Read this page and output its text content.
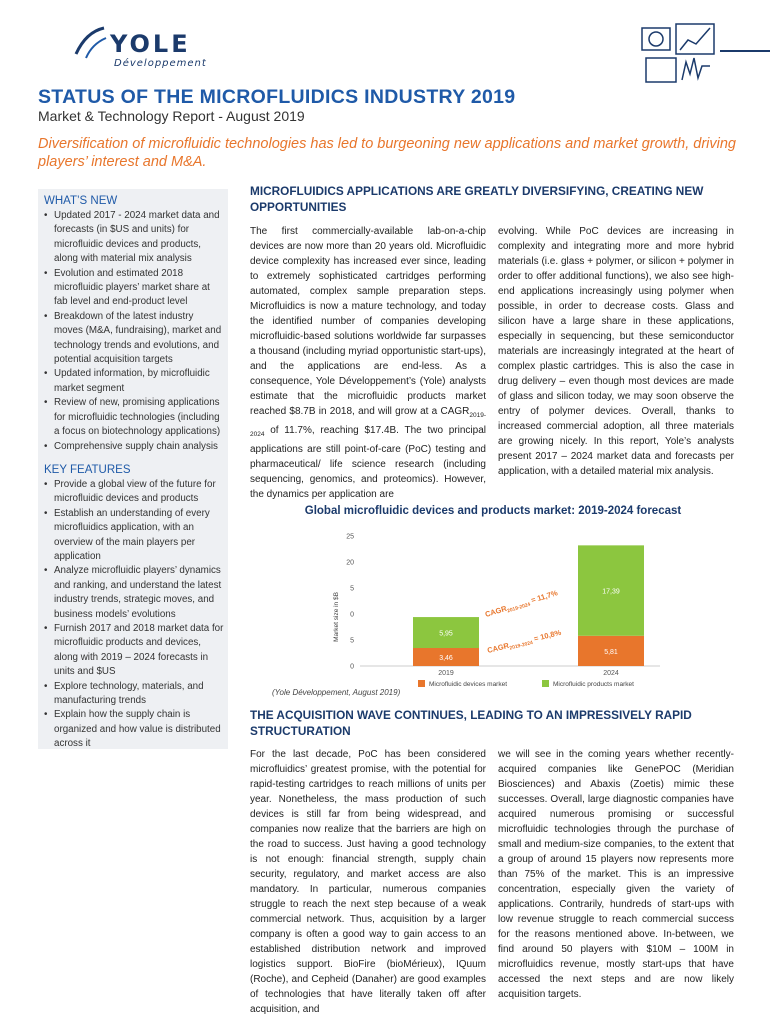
YOLE
Développement
STATUS OF THE MICROFLUIDICS INDUSTRY 2019
Market & Technology Report - August 2019
Diversification of microfluidic technologies has led to burgeoning new applications and market growth, driving players’ interest and M&A.
WHAT’S NEW
• Updated 2017 - 2024 market data and forecasts (in $US and units) for microfluidic devices and products, along with material mix analysis
• Evolution and estimated 2018 microfluidic players’ market share at fab level and end-product level
• Breakdown of the latest industry moves (M&A, fundraising), market and technology trends and evolutions, and potential acquisition targets
• Updated information, by microfluidic market segment
• Review of new, promising applications for microfluidic technologies (including a focus on biotechnology applications)
• Comprehensive supply chain analysis
KEY FEATURES
• Provide a global view of the future for microfluidic devices and products
• Establish an understanding of every microfluidics application, with an overview of the main players per application
• Analyze microfluidic players’ dynamics and ranking, and understand the latest industry trends, strategic moves, and business models’ evolutions
• Furnish 2017 and 2018 market data for microfluidic products and devices, along with 2019 – 2024 forecasts in units and $US
• Explore technology, materials, and manufacturing trends
• Explain how the supply chain is organized and how value is distributed across it
MICROFLUIDICS APPLICATIONS ARE GREATLY DIVERSIFYING, CREATING NEW OPPORTUNITIES
The first commercially-available lab-on-a-chip devices are now more than 20 years old. Microfluidic device complexity has increased ever since, leading to extremely sophisticated cartridges performing automated, complex sample preparation steps. Microfluidics is now a mature technology, and today the identified number of companies developing microfluidic-based solutions worldwide far surpasses a thousand (including myriad opportunistic start-ups), and the applications are end-less. As a consequence, Yole Développement’s (Yole) analysts estimate that the microfluidic products market reached $8.7B in 2018, and will grow at a $CAGR_{2019-2024}$ of 11.7%, reaching $17.4B. The two principal applications are still point-of-care (PoC) testing and pharmaceutical/ life science research (including sequencing, genomics, and proteomics). However, the dynamics per application are
evolving. While PoC devices are increasing in complexity and integrating more and more hybrid materials (i.e. glass + polymer, or silicon + polymer in order to offer additional functions), we also see high-end applications increasingly using polymer when possible, in order to decrease costs. Glass and silicon have a large share in these applications, especially in sequencing, but these semiconductor materials are increasingly integrated at the heart of complex plastic cartridges. This is also the case in drug delivery – even though most devices are made of glass and silicon today, we may soon observe the entry of polymer devices. Overall, thanks to increased commercial adoption, all three materials are growing nicely. In this report, Yole’s analysts present 2017 – 2024 market data and forecasts per application, with a detailed material mix analysis.
Global microfluidic devices and products market: 2019-2024 forecast
Market size in $B
25
20
5
0
5
0
3,46
5,95
2019
5,81
17,39
2024
$CAGR_{2019-2024} = 11,7\%$
$CAGR_{2019-2024} = 10,8\%$
Microfluidic devices market	Microfluidic products market
(Yole Développement, August 2019)
THE ACQUISITION WAVE CONTINUES, LEADING TO AN IMPRESSIVELY RAPID STRUCTURATION
For the last decade, PoC has been considered microfluidics’ greatest promise, with the potential for rapid-testing cartridges to reach millions of units per year. Nonetheless, the mass production of such devices is still far from being widespread, and companies now realize that the barriers are high on the road to success. Just having a good technology is not enough: financial strength, supply chain security, regulatory, and market access are also mandatory. In particular, numerous companies struggle to reach the next step because of a weak commercial network. Thus, acquisition by a larger company is often a good way to gain access to an established distribution network and improved logistics support. BioFire (bioMérieux), IQuum (Roche), and Cepheid (Danaher) are good examples of technologies that have literally taken off after acquisition, and
we will see in the coming years whether recently-acquired companies like GenePOC (Meridian Biosciences) and Abaxis (Zoetis) mimic these successes. Overall, large diagnostic companies have acquired numerous promising or successful microfluidic technologies through the purchase of small and medium-size companies, to the extent that a group of around 15 players now represents more than 75% of the market. This is an impressive concentration, especially given the variety of applications. Contrarily, hundreds of start-ups with low revenue struggle to reach commercial success for the reasons mentioned above. In-between, we find around 50 players with $10M – 100M in microfluidics revenue, mostly start-ups that have accessed the next steps and are now likely acquisition targets.
